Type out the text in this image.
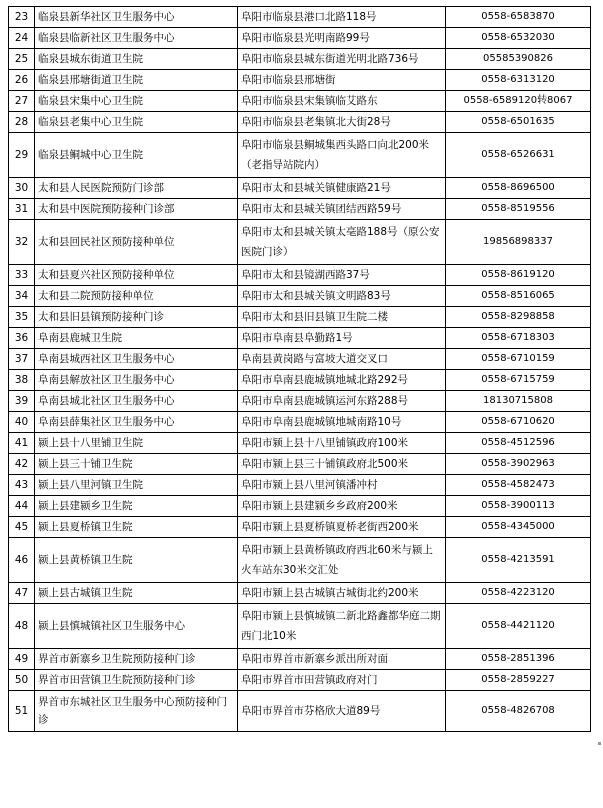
23	临泉县新华社区卫生服务中心	阜阳市临泉县港口北路118号	0558-6583870
24	临泉县临新社区卫生服务中心	阜阳市临泉县光明南路99号	0558-6532030
25	临泉县城东街道卫生院	阜阳市临泉县城东街道光明北路736号	05585390826
26	临泉县邢塘街道卫生院	阜阳市临泉县邢塘街	0558-6313120
27	临泉县宋集中心卫生院	阜阳市临泉县宋集镇临艾路东	0558-6589120转8067
28	临泉县老集中心卫生院	阜阳市临泉县老集镇北大街28号	0558-6501635
29	临泉县鲖城中心卫生院	阜阳市临泉县鲖城集西头路口向北200米（老指导站院内）	0558-6526631
30	太和县人民医院预防门诊部	阜阳市太和县城关镇健康路21号	0558-8696500
31	太和县中医院预防接种门诊部	阜阳市太和县城关镇团结西路59号	0558-8519556
32	太和县回民社区预防接种单位	阜阳市太和县城关镇太亳路188号（原公安医院门诊）	19856898337
33	太和县夏兴社区预防接种单位	阜阳市太和县镜湖西路37号	0558-8619120
34	太和县二院预防接种单位	阜阳市太和县城关镇文明路83号	0558-8516065
35	太和县旧县镇预防接种门诊	阜阳市太和县旧县镇卫生院二楼	0558-8298858
36	阜南县鹿城卫生院	阜阳市阜南县阜勤路1号	0558-6718303
37	阜南县城西社区卫生服务中心	阜南县黄岗路与富坡大道交叉口	0558-6710159
38	阜南县解放社区卫生服务中心	阜阳市阜南县鹿城镇地城北路292号	0558-6715759
39	阜南县城北社区卫生服务中心	阜阳市阜南县鹿城镇运河东路288号	18130715808
40	阜南县薛集社区卫生服务中心	阜阳市阜南县鹿城镇地城南路10号	0558-6710620
41	颍上县十八里铺卫生院	阜阳市颍上县十八里铺镇政府100米	0558-4512596
42	颍上县三十铺卫生院	阜阳市颍上县三十铺镇政府北500米	0558-3902963
43	颍上县八里河镇卫生院	阜阳市颍上县八里河镇潘冲村	0558-4582473
44	颍上县建颍乡卫生院	阜阳市颍上县建颍乡乡政府200米	0558-3900113
45	颍上县夏桥镇卫生院	阜阳市颍上县夏桥镇夏桥老街西200米	0558-4345000
46	颍上县黄桥镇卫生院	阜阳市颍上县黄桥镇政府西北60米与颍上火车站东30米交汇处	0558-4213591
47	颍上县古城镇卫生院	阜阳市颍上县古城镇古城街北约200米	0558-4223120
48	颍上县慎城镇社区卫生服务中心	阜阳市颍上县慎城镇二新北路鑫都华庭二期西门北10米	0558-4421120
49	界首市新寨乡卫生院预防接种门诊	阜阳市界首市新寨乡派出所对面	0558-2851396
50	界首市田营镇卫生院预防接种门诊	阜阳市界首市田营镇政府对门	0558-2859227
51	界首市东城社区卫生服务中心预防接种门诊	阜阳市界首市芬格欣大道89号	0558-4826708
